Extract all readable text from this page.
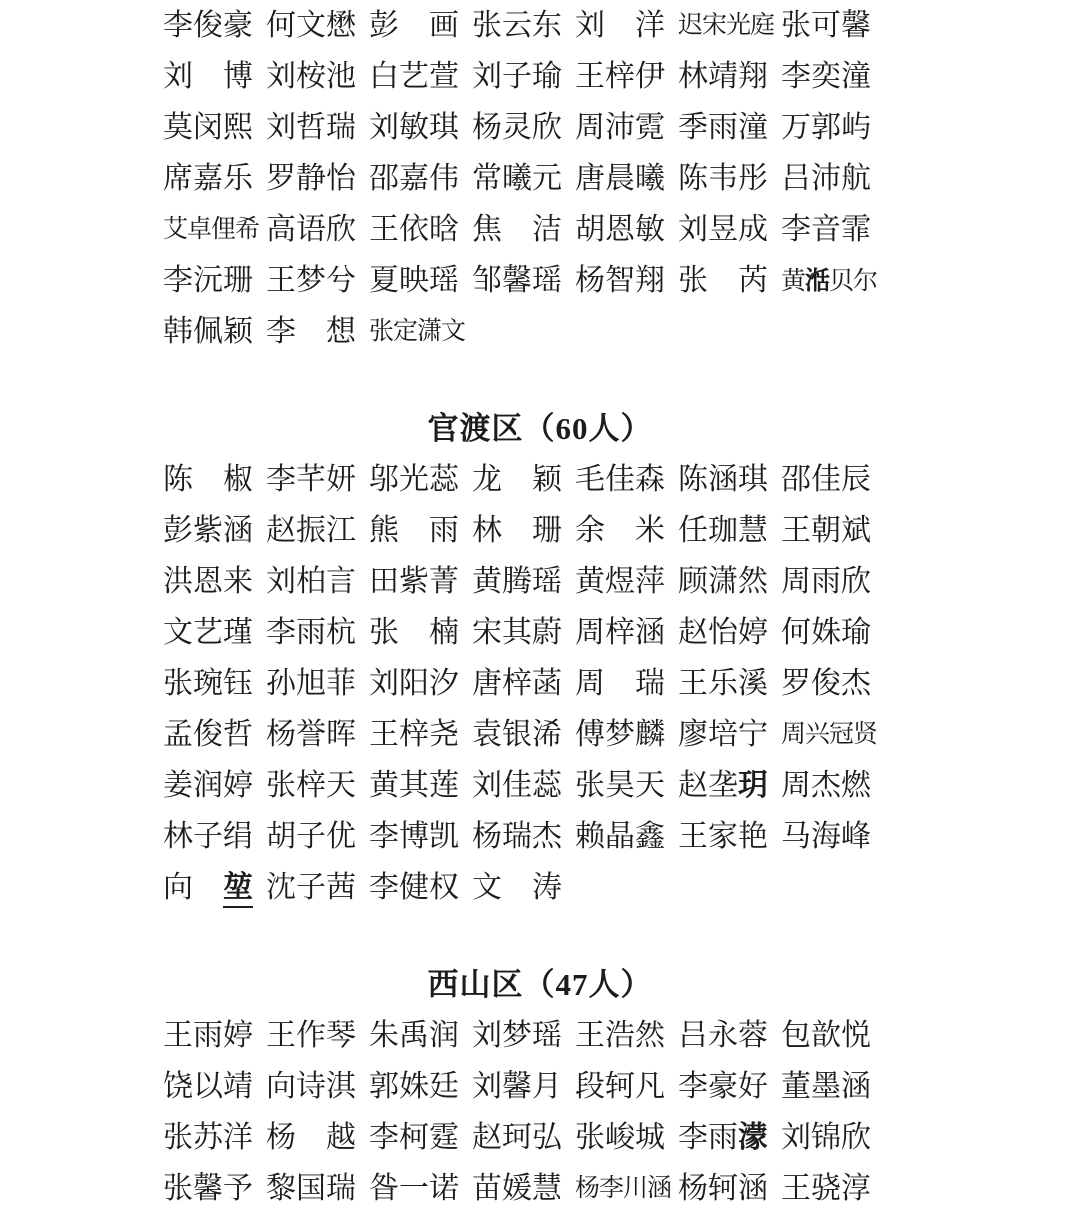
李俊豪 何文懋 彭　画 张云东 刘　洋 迟宋光庭 张可馨
刘　博 刘桉池 白艺萱 刘子瑜 王梓伊 林靖翔 李奕潼
莫闵熙 刘哲瑞 刘敏琪 杨灵欣 周沛霓 季雨潼 万郭屿
席嘉乐 罗静怡 邵嘉伟 常曦元 唐晨曦 陈韦彤 吕沛航
艾卓俚希 高语欣 王依晗 焦　洁 胡恩敏 刘昱成 李音霏
李沅珊 王梦兮 夏映瑶 邹馨瑶 杨智翔 张　芮 黄湉贝尔
韩佩颖 李　想 张定潇文
官渡区（60人）
陈　椒 李芊妍 邬光蕊 龙　颖 毛佳森 陈涵琪 邵佳辰
彭紫涵 赵振江 熊　雨 林　珊 余　米 任珈慧 王朝斌
洪恩来 刘柏言 田紫菁 黄腾瑶 黄煜萍 顾潇然 周雨欣
文艺瑾 李雨杭 张　楠 宋其蔚 周梓涵 赵怡婷 何姝瑜
张琬钰 孙旭菲 刘阳汐 唐梓菡 周　瑞 王乐溪 罗俊杰
孟俊哲 杨誉晖 王梓尧 袁银浠 傅梦麟 廖培宁 周兴冠贤
姜润婷 张梓天 黄其莲 刘佳蕊 张昊天 赵垄玥 周杰燃
林子绢 胡子优 李博凯 杨瑞杰 赖晶鑫 王家艳 马海峰
向　堃 沈子茜 李健权 文　涛
西山区（47人）
王雨婷 王作琴 朱禹润 刘梦瑶 王浩然 吕永蓉 包歆悦
饶以靖 向诗淇 郭姝廷 刘馨月 段轲凡 李豪好 董墨涵
张苏洋 杨　越 李柯霆 赵珂弘 张峻城 李雨濛 刘锦欣
张馨予 黎国瑞 昝一诺 苗媛慧 杨李川涵 杨轲涵 王骁淳
